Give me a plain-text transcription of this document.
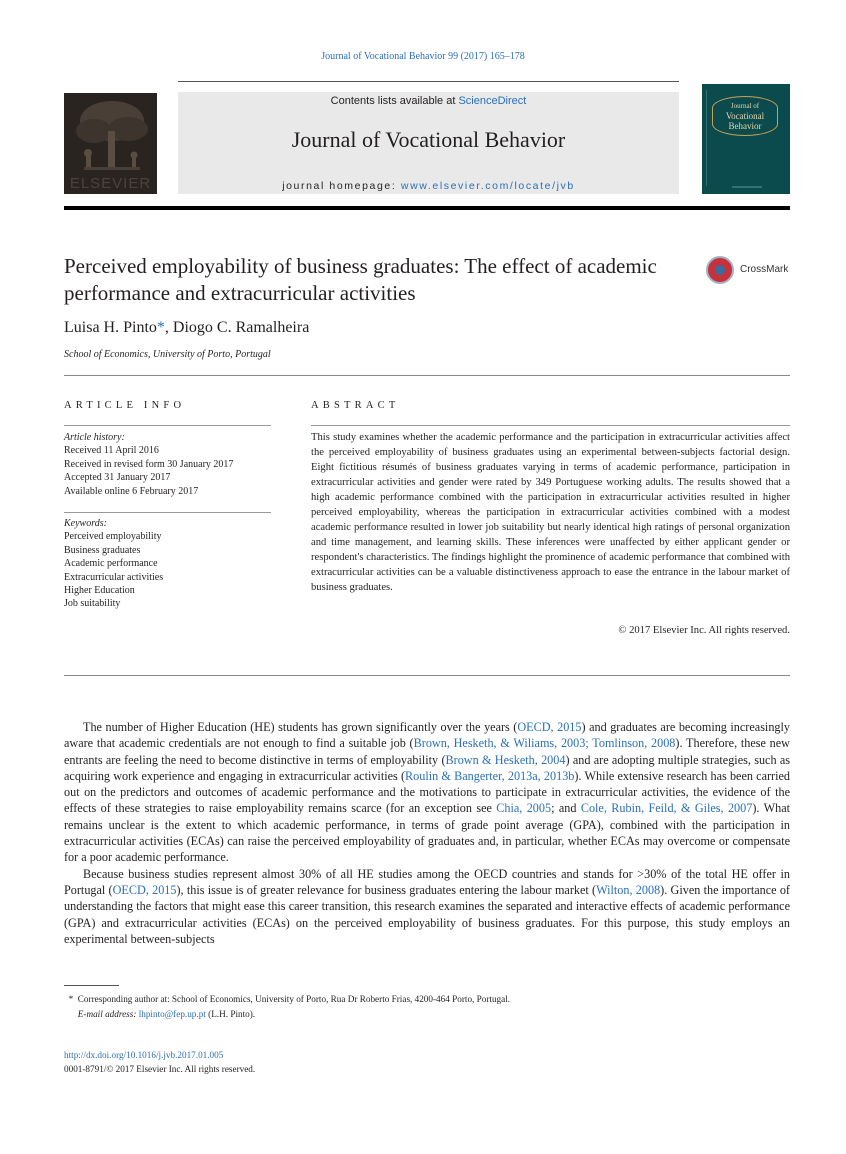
Journal of Vocational Behavior 99 (2017) 165–178
ELSEVIER
Contents lists available at ScienceDirect
Journal of Vocational Behavior
journal homepage: www.elsevier.com/locate/jvb
Journal of
Vocational
Behavior
Perceived employability of business graduates: The effect of academic performance and extracurricular activities
CrossMark
Luisa H. Pinto*, Diogo C. Ramalheira
School of Economics, University of Porto, Portugal
ARTICLE INFO
Article history:
Received 11 April 2016
Received in revised form 30 January 2017
Accepted 31 January 2017
Available online 6 February 2017
Keywords:
Perceived employability
Business graduates
Academic performance
Extracurricular activities
Higher Education
Job suitability
ABSTRACT
This study examines whether the academic performance and the participation in extracurricular activities affect the perceived employability of business graduates using an experimental between-subjects factorial design. Eight fictitious résumés of business graduates varying in terms of academic performance, participation in extracurricular activities and gender were rated by 349 Portuguese working adults. The results showed that a high academic performance combined with the participation in extracurricular activities resulted in higher perceived employability, whereas the participation in extracurricular activities combined with a modest academic performance resulted in lower job suitability but nearly identical high ratings of personal organization and time management, and learning skills. These inferences were unaffected by either applicant gender or respondent's characteristics. The findings highlight the prominence of academic performance that combined with extracurricular activities can be a valuable distinctiveness approach to ease the entrance in the labour market of business graduates.
© 2017 Elsevier Inc. All rights reserved.

The number of Higher Education (HE) students has grown significantly over the years (OECD, 2015) and graduates are becoming increasingly aware that academic credentials are not enough to find a suitable job (Brown, Hesketh, & Wiliams, 2003; Tomlinson, 2008). Therefore, these new entrants are feeling the need to become distinctive in terms of employability (Brown & Hesketh, 2004) and are adopting multiple strategies, such as acquiring work experience and engaging in extracurricular activities (Roulin & Bangerter, 2013a, 2013b). While extensive research has been carried out on the predictors and outcomes of academic performance and the motivations to participate in extracurricular activities, the evidence of the effects of these strategies to raise employability remains scarce (for an exception see Chia, 2005; and Cole, Rubin, Feild, & Giles, 2007). What remains unclear is the extent to which academic performance, in terms of grade point average (GPA), combined with the participation in extracurricular activities (ECAs) can raise the perceived employability of graduates and, in particular, whether ECAs may overcome or compensate for a poor academic performance.

Because business studies represent almost 30% of all HE studies among the OECD countries and stands for >30% of the total HE offer in Portugal (OECD, 2015), this issue is of greater relevance for business graduates entering the labour market (Wilton, 2008). Given the importance of understanding the factors that might ease this career transition, this research examines the separated and interactive effects of academic performance (GPA) and extracurricular activities (ECAs) on the perceived employability of business graduates. For this purpose, this study employs an experimental between-subjects

* Corresponding author at: School of Economics, University of Porto, Rua Dr Roberto Frias, 4200-464 Porto, Portugal.
E-mail address: lhpinto@fep.up.pt (L.H. Pinto).
http://dx.doi.org/10.1016/j.jvb.2017.01.005
0001-8791/© 2017 Elsevier Inc. All rights reserved.
